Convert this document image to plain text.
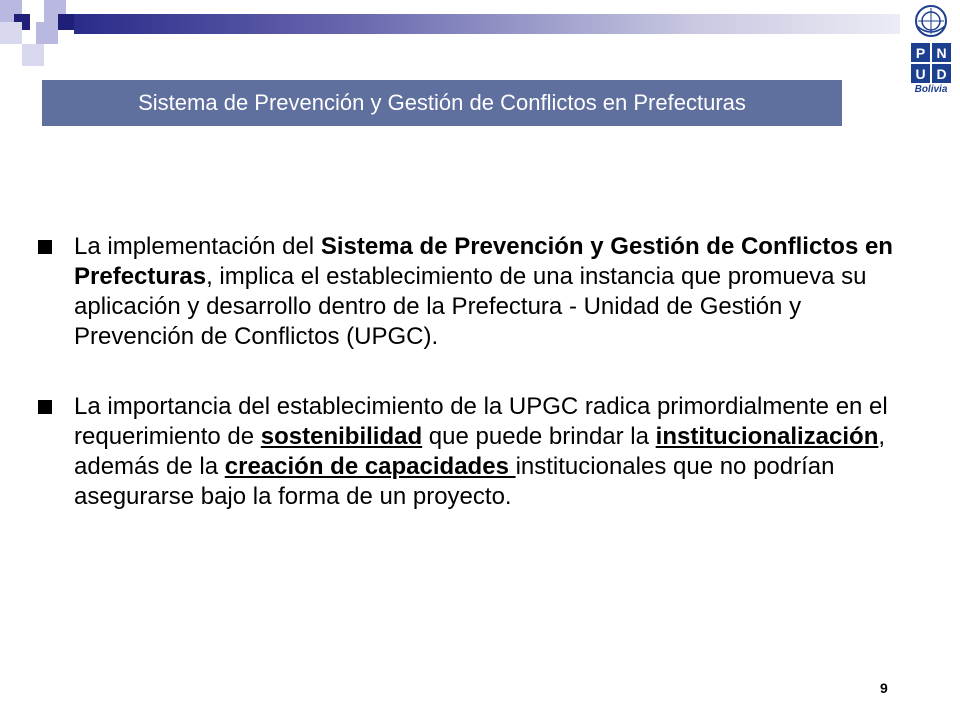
P N
U D
Bolivia
Sistema de Prevención y Gestión de Conflictos en Prefecturas
La implementación del Sistema de Prevención y Gestión de Conflictos en Prefecturas, implica el establecimiento de una instancia que promueva su aplicación y desarrollo dentro de la Prefectura - Unidad de Gestión y Prevención de Conflictos (UPGC).
La importancia del establecimiento de la UPGC radica primordialmente en el requerimiento de sostenibilidad que puede brindar la institucionalización, además de la creación de capacidades institucionales que no podrían asegurarse bajo la forma de un proyecto.
9
